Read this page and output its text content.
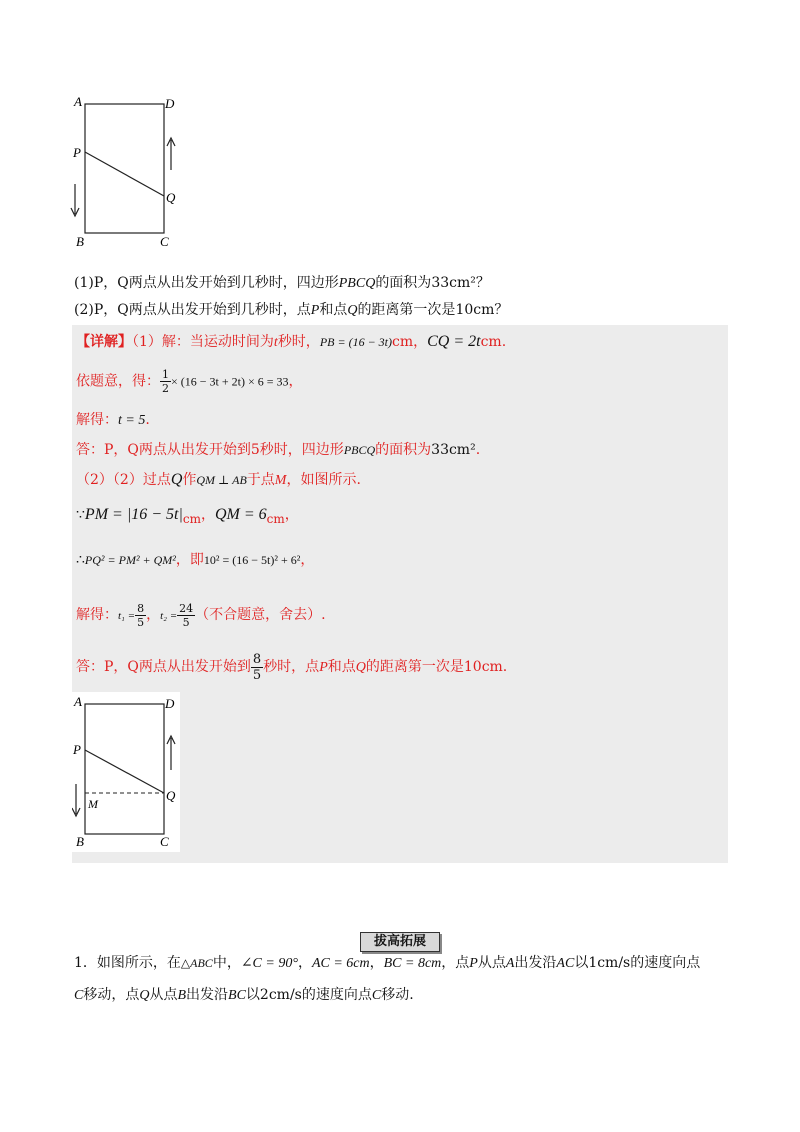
A	D
P
Q
B	C
(1)P，Q两点从出发开始到几秒时，四边形PBCQ的面积为33cm²？
(2)P，Q两点从出发开始到几秒时，点P和点Q的距离第一次是10cm？
【详解】（1）解：当运动时间为t秒时，PB = (16 − 3t)cm，CQ = 2tcm.
依题意，得： $\frac{1}{2} \times (16 - 3t + 2t) \times 6 = 33$，
解得：t = 5.
答：P，Q两点从出发开始到5秒时，四边形PBCQ的面积为33cm².
（2）（2）过点Q作QM ⊥ AB于点M，如图所示.
∵PM = |16 − 5t|cm，QM = 6cm，
∴PQ² = PM² + QM²，即10² = (16 − 5t)² + 6²，
解得：$t_1 = \frac{8}{5}$ ，$t_2 = \frac{24}{5}$ （不合题意，舍去）.
答：P，Q两点从出发开始到 $\frac{8}{5}$ 秒时，点P和点Q的距离第一次是10cm.
A	D
P
Q
M
B	C
拔高拓展
1．如图所示，在△ABC中，∠C = 90°，AC = 6cm，BC = 8cm，点P从点A出发沿AC以1cm/s的速度向点
C移动，点Q从点B出发沿BC以2cm/s的速度向点C移动.
